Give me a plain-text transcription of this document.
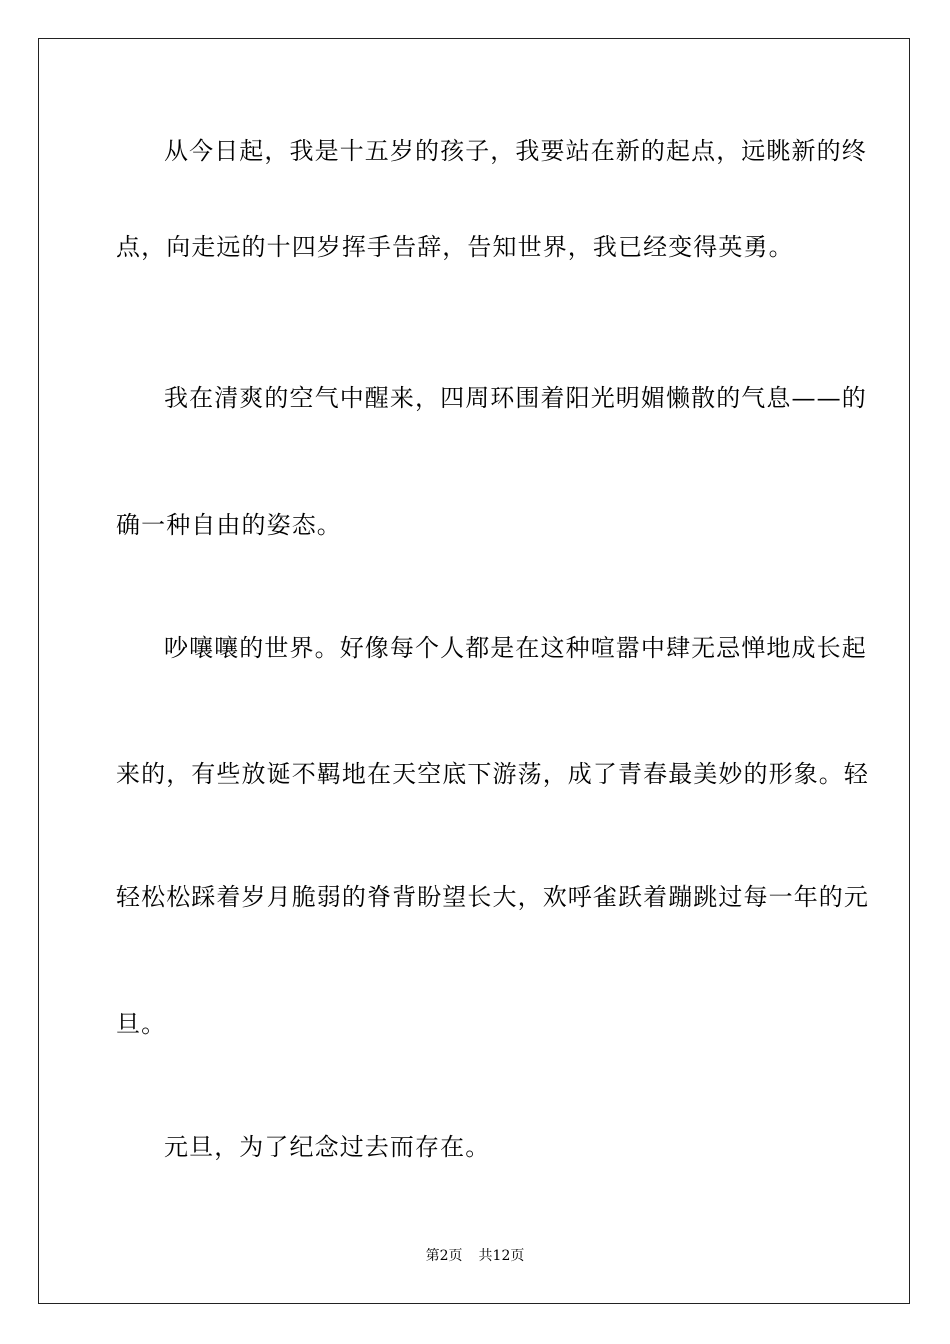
从今日起，我是十五岁的孩子，我要站在新的起点，远眺新的终
点，向走远的十四岁挥手告辞，告知世界，我已经变得英勇。
我在清爽的空气中醒来，四周环围着阳光明媚懒散的气息——的
确一种自由的姿态。
吵嚷嚷的世界。好像每个人都是在这种喧嚣中肆无忌惮地成长起
来的，有些放诞不羁地在天空底下游荡，成了青春最美妙的形象。轻
轻松松踩着岁月脆弱的脊背盼望长大，欢呼雀跃着蹦跳过每一年的元
旦。
元旦，为了纪念过去而存在。
第2页 共12页
